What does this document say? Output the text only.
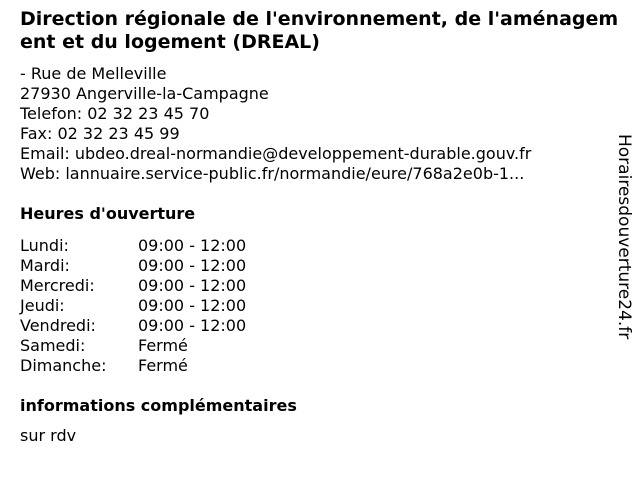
Direction régionale de l'environnement, de l'aménagement et du logement (DREAL)
- Rue de Melleville
27930 Angerville-la-Campagne
Telefon: 02 32 23 45 70
Fax: 02 32 23 45 99
Email: ubdeo.dreal-normandie@developpement-durable.gouv.fr
Web: lannuaire.service-public.fr/normandie/eure/768a2e0b-1...
Heures d'ouverture
Lundi:	09:00 - 12:00
Mardi:	09:00 - 12:00
Mercredi:	09:00 - 12:00
Jeudi:	09:00 - 12:00
Vendredi:	09:00 - 12:00
Samedi:	Fermé
Dimanche:	Fermé
informations complémentaires
sur rdv
Horairesdouverture24.fr
